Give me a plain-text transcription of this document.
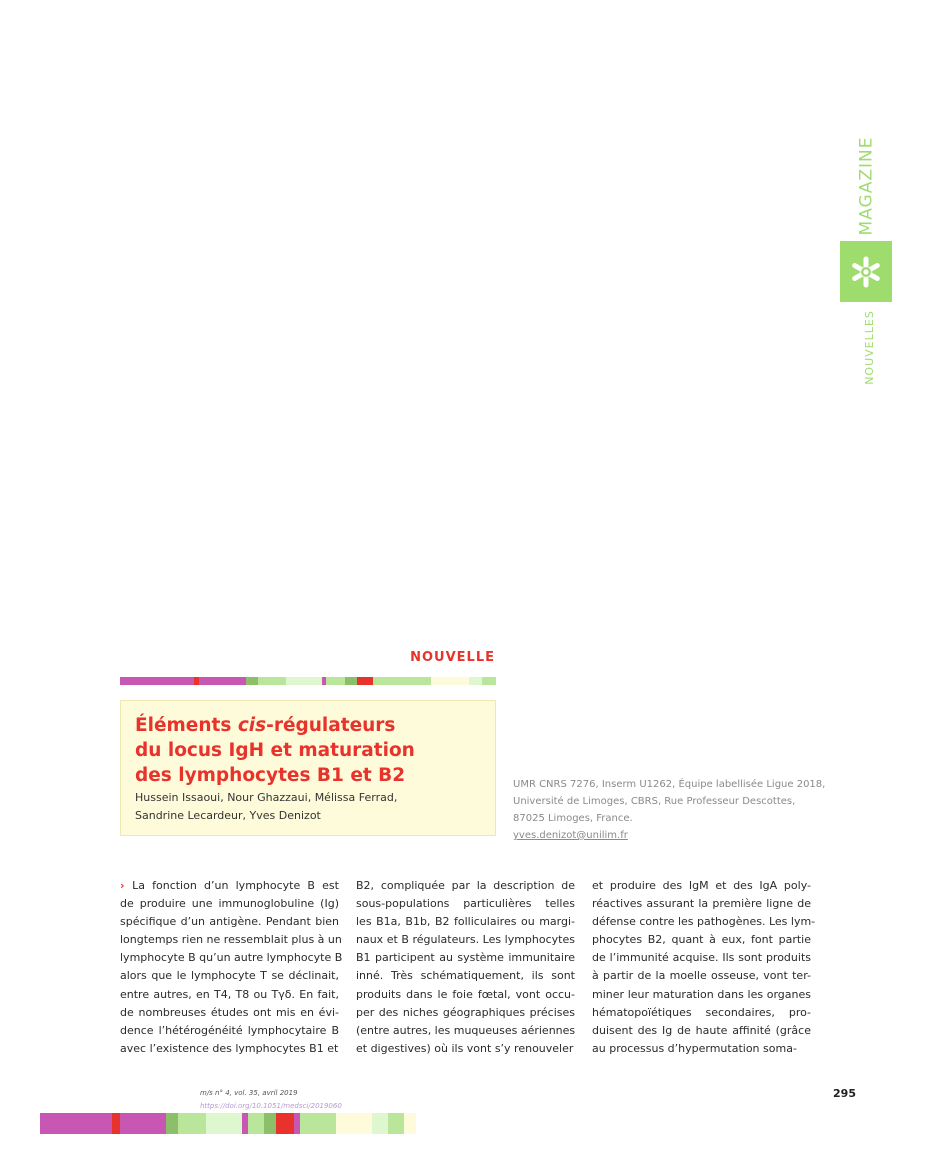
MAGAZINE
NOUVELLES
NOUVELLE
Éléments cis-régulateurs
du locus IgH et maturation
des lymphocytes B1 et B2
Hussein Issaoui, Nour Ghazzaui, Mélissa Ferrad,
Sandrine Lecardeur, Yves Denizot
UMR CNRS 7276, Inserm U1262, Équipe labellisée Ligue 2018,
Université de Limoges, CBRS, Rue Professeur Descottes,
87025 Limoges, France.
yves.denizot@unilim.fr
› La fonction d’un lymphocyte B est
de produire une immunoglobuline (Ig)
spécifique d’un antigène. Pendant bien
longtemps rien ne ressemblait plus à un
lymphocyte B qu’un autre lymphocyte B
alors que le lymphocyte T se déclinait,
entre autres, en T4, T8 ou Tγδ. En fait,
de nombreuses études ont mis en évi-
dence l’hétérogénéité lymphocytaire B
avec l’existence des lymphocytes B1 et
B2, compliquée par la description de
sous-populations particulières telles
les B1a, B1b, B2 folliculaires ou margi-
naux et B régulateurs. Les lymphocytes
B1 participent au système immunitaire
inné. Très schématiquement, ils sont
produits dans le foie fœtal, vont occu-
per des niches géographiques précises
(entre autres, les muqueuses aériennes
et digestives) où ils vont s’y renouveler
et produire des IgM et des IgA poly-
réactives assurant la première ligne de
défense contre les pathogènes. Les lym-
phocytes B2, quant à eux, font partie
de l’immunité acquise. Ils sont produits
à partir de la moelle osseuse, vont ter-
miner leur maturation dans les organes
hématopoïétiques secondaires, pro-
duisent des Ig de haute affinité (grâce
au processus d’hypermutation soma-
m/s n° 4, vol. 35, avril 2019
https://doi.org/10.1051/medsci/2019060
295
